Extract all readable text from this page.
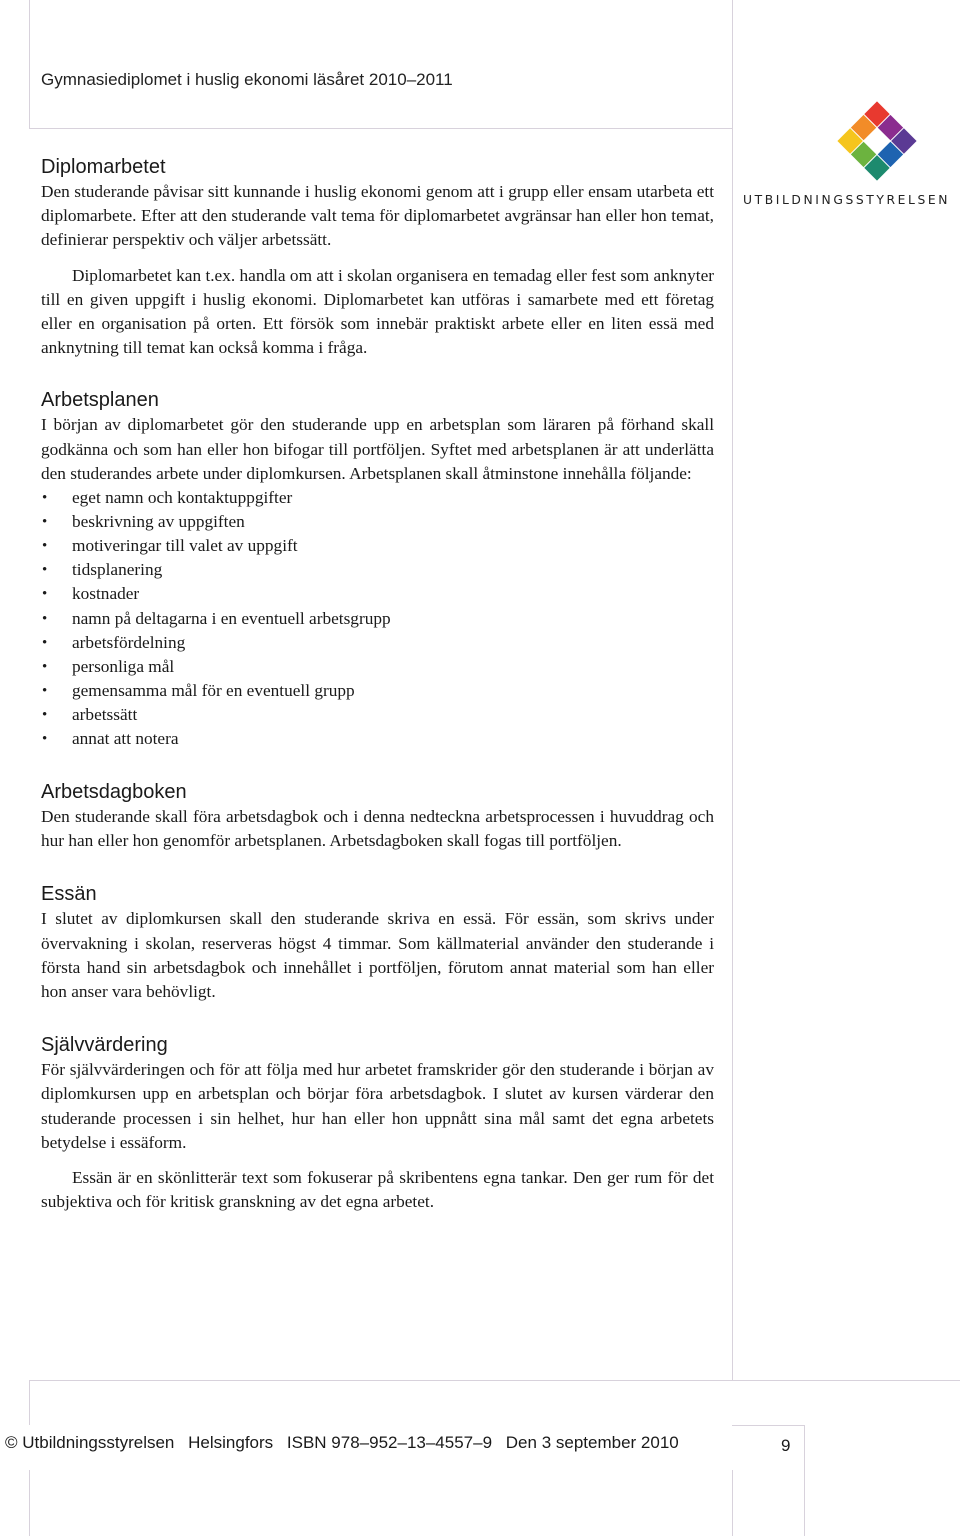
Gymnasiediplomet i huslig ekonomi läsåret 2010–2011
UTBILDNINGSSTYRELSEN
Diplomarbetet

Den studerande påvisar sitt kunnande i huslig ekonomi genom att i grupp eller ensam utarbeta ett diplomarbete. Efter att den studerande valt tema för diplomarbetet avgränsar han eller hon temat, definierar perspektiv och väljer arbetssätt.

Diplomarbetet kan t.ex. handla om att i skolan organisera en temadag eller fest som anknyter till en given uppgift i huslig ekonomi. Diplomarbetet kan utföras i samarbete med ett företag eller en organisation på orten. Ett försök som innebär praktiskt arbete eller en liten essä med anknytning till temat kan också komma i fråga.

Arbetsplanen

I början av diplomarbetet gör den studerande upp en arbetsplan som läraren på förhand skall godkänna och som han eller hon bifogar till portföljen. Syftet med arbetsplanen är att underlätta den studerandes arbete under diplomkursen. Arbetsplanen skall åtminstone innehålla följande:

• eget namn och kontaktuppgifter
• beskrivning av uppgiften
• motiveringar till valet av uppgift
• tidsplanering
• kostnader
• namn på deltagarna i en eventuell arbetsgrupp
• arbetsfördelning
• personliga mål
• gemensamma mål för en eventuell grupp
• arbetssätt
• annat att notera
Arbetsdagboken

Den studerande skall föra arbetsdagbok och i denna nedteckna arbetsprocessen i huvuddrag och hur han eller hon genomför arbetsplanen. Arbetsdagboken skall fogas till portföljen.

Essän

I slutet av diplomkursen skall den studerande skriva en essä. För essän, som skrivs under övervakning i skolan, reserveras högst 4 timmar. Som källmaterial använder den studerande i första hand sin arbetsdagbok och innehållet i portföljen, förutom annat material som han eller hon anser vara behövligt.

Självvärdering

För självvärderingen och för att följa med hur arbetet framskrider gör den studerande i början av diplomkursen upp en arbetsplan och börjar föra arbetsdagbok. I slutet av kursen värderar den studerande processen i sin helhet, hur han eller hon uppnått sina mål samt det egna arbetets betydelse i essäform.

Essän är en skönlitterär text som fokuserar på skribentens egna tankar. Den ger rum för det subjektiva och för kritisk granskning av det egna arbetet.

© Utbildningsstyrelsen Helsingfors ISBN 978–952–13–4557–9 Den 3 september 2010	9
